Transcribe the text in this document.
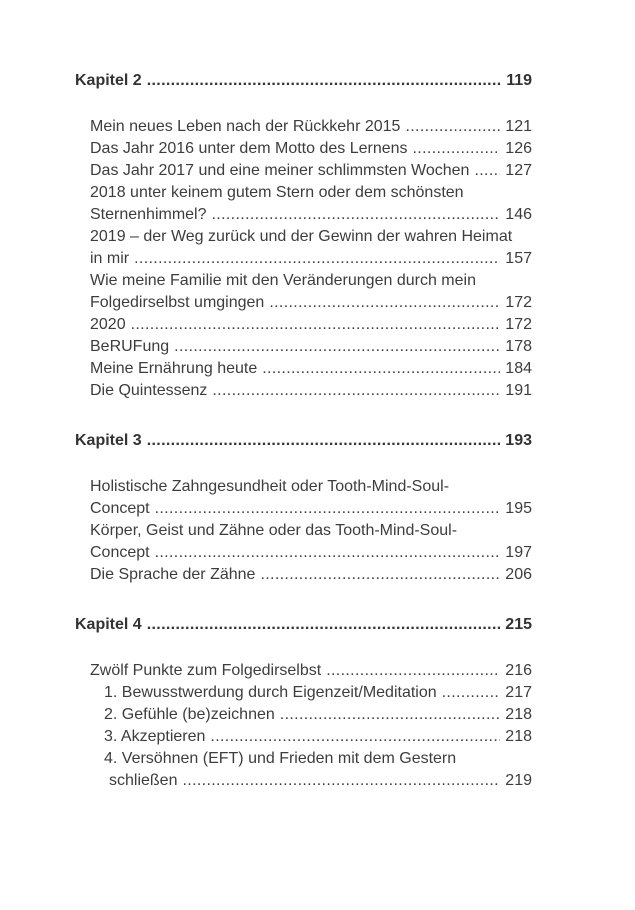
Kapitel 2 .....	119
Mein neues Leben nach der Rückkehr 2015 .....	121
Das Jahr 2016 unter dem Motto des Lernens .....	126
Das Jahr 2017 und eine meiner schlimmsten Wochen ..... 127
2018 unter keinem gutem Stern oder dem schönsten
Sternenhimmel? .....	146
2019 – der Weg zurück und der Gewinn der wahren Heimat
in mir .....	157
Wie meine Familie mit den Veränderungen durch mein
Folgedirselbst umgingen .....	172
2020 .....	172
BeRUFung .....	178
Meine Ernährung heute .....	184
Die Quintessenz .....	191
Kapitel 3 .....	193
Holistische Zahngesundheit oder Tooth-Mind-Soul-
Concept .....	195
Körper, Geist und Zähne oder das Tooth-Mind-Soul-
Concept .....	197
Die Sprache der Zähne .....	206
Kapitel 4 .....	215
Zwölf Punkte zum Folgedirselbst .....	216
1. Bewusstwerdung durch Eigenzeit/Meditation .....	217
2. Gefühle (be)zeichnen .....	218
3. Akzeptieren .....	218
4. Versöhnen (EFT) und Frieden mit dem Gestern
schließen .....	219
